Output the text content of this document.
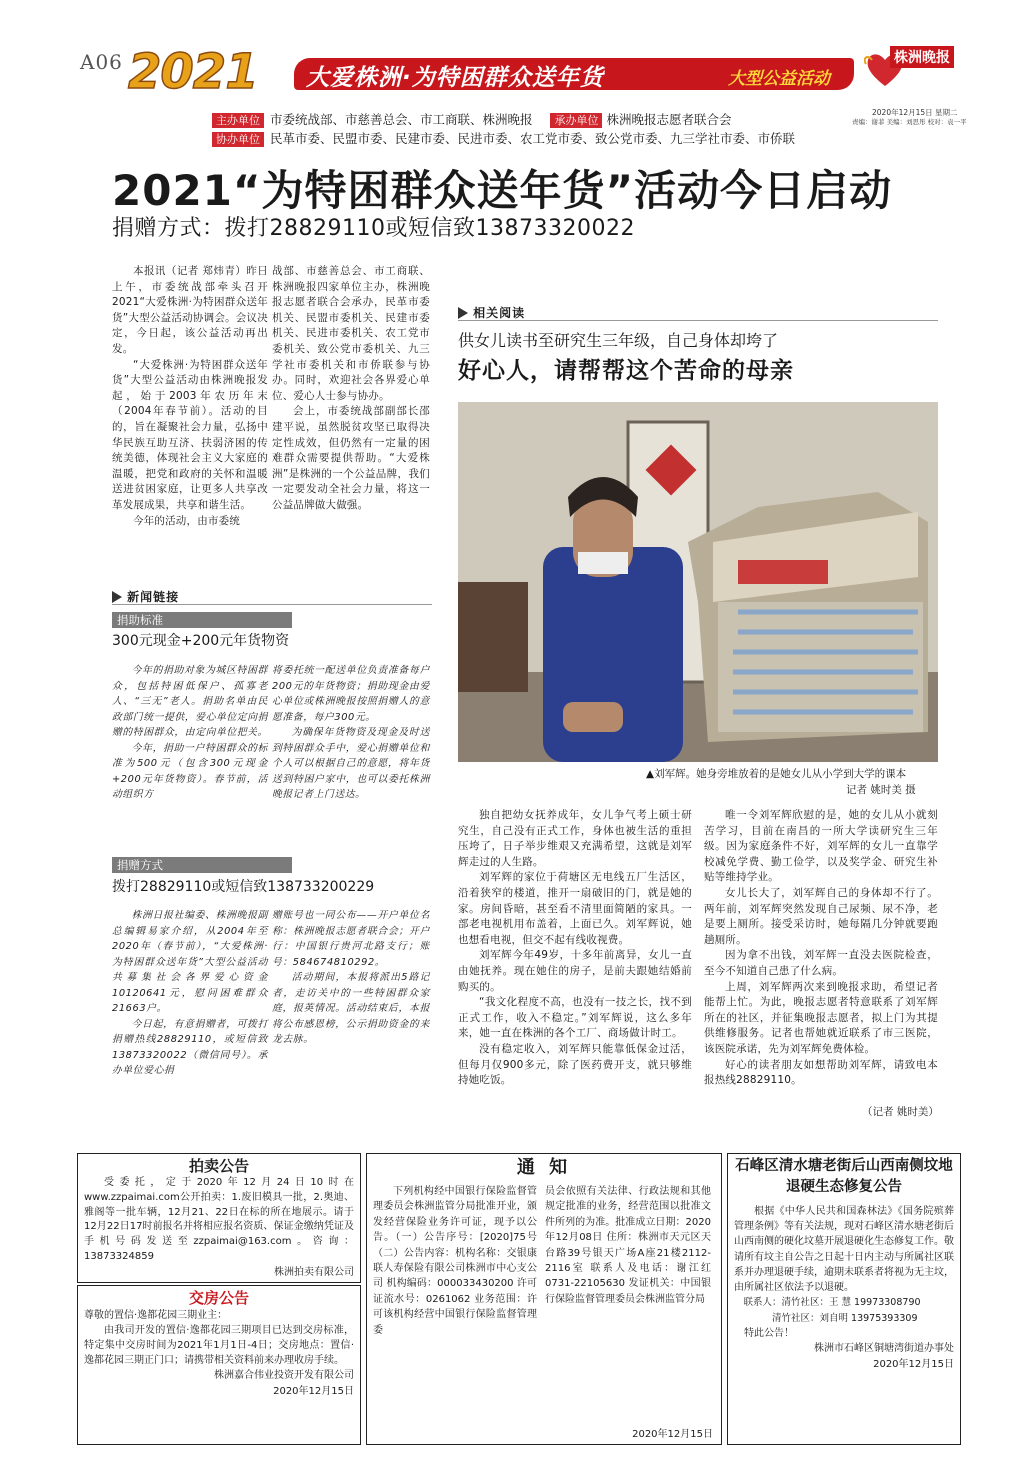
A06 2021 大爱株洲·为特困群众送年货	大型公益活动
株洲晚报
2020年12月15日 星期二
责编：谢菲 美编：刘思彤 校对：袁一平
主办单位 市委统战部、市慈善总会、市工商联、株洲晚报 承办单位 株洲晚报志愿者联合会
协办单位 民革市委、民盟市委、民建市委、民进市委、农工党市委、致公党市委、九三学社市委、市侨联
2021“为特困群众送年货”活动今日启动
捐赠方式：拨打28829110或短信致13873320022

本报讯（记者 郑炜青）昨日上午，市委统战部牵头召开2021“大爱株洲·为特困群众送年货”大型公益活动协调会。会议决定，今日起，该公益活动再出发。

“大爱株洲·为特困群众送年货”大型公益活动由株洲晚报发起，始于2003年农历年末（2004年春节前）。活动的目的，旨在凝聚社会力量，弘扬中华民族互助互济、扶弱济困的传统美德，体现社会主义大家庭的温暖，把党和政府的关怀和温暖送进贫困家庭，让更多人共享改革发展成果，共享和谐生活。

今年的活动，由市委统

战部、市慈善总会、市工商联、株洲晚报四家单位主办，株洲晚报志愿者联合会承办，民革市委机关、民盟市委机关、民建市委机关、民进市委机关、农工党市委机关、致公党市委机关、九三学社市委机关和市侨联参与协办。同时，欢迎社会各界爱心单位、爱心人士参与协办。

会上，市委统战部副部长邵建平说，虽然脱贫攻坚已取得决定性成效，但仍然有一定量的困难群众需要提供帮助。“大爱株洲”是株洲的一个公益品牌，我们一定要发动全社会力量，将这一公益品牌做大做强。

新闻链接
捐助标准
300元现金+200元年货物资

今年的捐助对象为城区特困群众，包括特困低保户、孤寡老人、“三无”老人。捐助名单由民政部门统一提供，爱心单位定向捐赠的特困群众，由定向单位把关。

今年，捐助一户特困群众的标准为500元（包含300元现金+200元年货物资）。春节前，活动组织方

将委托统一配送单位负责准备每户200元的年货物资；捐助现金由爱心单位或株洲晚报按照捐赠人的意愿准备，每户300元。

为确保年货物资及现金及时送到特困群众手中，爱心捐赠单位和个人可以根据自己的意愿，将年货送到特困户家中，也可以委托株洲晚报记者上门送达。

捐赠方式
拨打28829110或短信致138733200229

株洲日报社编委、株洲晚报副总编辑易家介绍，从2004年至2020年（春节前），“大爱株洲·为特困群众送年货”大型公益活动共募集社会各界爱心资金10120641元，慰问困难群众21663户。

今日起，有意捐赠者，可拨打捐赠热线28829110，或短信致13873320022（微信同号）。承办单位爱心捐

赠账号也一同公布——开户单位名称：株洲晚报志愿者联合会；开户行：中国银行贵河北路支行；账号：584674810292。

活动期间，本报将派出5路记者，走访关中的一些特困群众家庭，报英情况。活动结束后，本报将公布感恩榜，公示捐助资金的来龙去脉。

相关阅读
供女儿读书至研究生三年级，自己身体却垮了
好心人，请帮帮这个苦命的母亲
▲刘军辉。她身旁堆放着的是她女儿从小学到大学的课本
记者 姚时美 摄

独自把幼女抚养成年，女儿争气考上硕士研究生，自己没有正式工作，身体也被生活的重担压垮了，日子举步维艰又充满希望，这就是刘军辉走过的人生路。

刘军辉的家位于荷塘区无电线五厂生活区，沿着狭窄的楼道，推开一扇破旧的门，就是她的家。房间昏暗，甚至看不清里面简陋的家具。一部老电视机用布盖着，上面已久。刘军辉说，她也想看电视，但交不起有线收视费。

刘军辉今年49岁，十多年前离异，女儿一直由她抚养。现在她住的房子，是前夫跟她结婚前购买的。

“我文化程度不高，也没有一技之长，找不到正式工作，收入不稳定。”刘军辉说，这么多年来，她一直在株洲的各个工厂、商场做计时工。

没有稳定收入，刘军辉只能靠低保金过活，但每月仅900多元，除了医药费开支，就只够维持她吃饭。

唯一令刘军辉欣慰的是，她的女儿从小就刻苦学习，目前在南昌的一所大学读研究生三年级。因为家庭条件不好，刘军辉的女儿一直靠学校减免学费、勤工俭学，以及奖学金、研究生补贴等维持学业。

女儿长大了，刘军辉自己的身体却不行了。两年前，刘军辉突然发现自己尿频、尿不净，老是要上厕所。接受采访时，她每隔几分钟就要跑趟厕所。

因为拿不出钱，刘军辉一直没去医院检查，至今不知道自己患了什么病。

上周，刘军辉两次来到晚报求助，希望记者能帮上忙。为此，晚报志愿者特意联系了刘军辉所在的社区，并征集晚报志愿者，拟上门为其提供维修服务。记者也帮她就近联系了市三医院，该医院承诺，先为刘军辉免费体检。

好心的读者朋友如想帮助刘军辉，请致电本报热线28829110。

（记者 姚时美）
拍卖公告
受委托，定于2020年12月24日10时在www.zzpaimai.com公开拍卖：1.废旧模具一批，2.奥迪、雅阁等一批车辆，12月21、22日在标的所在地展示。请于12月22日17时前报名并将相应报名资质、保证金缴纳凭证及手机号码发送至zzpaimai@163.com。咨询：13873324859
株洲拍卖有限公司
交房公告
尊敬的置信·逸都花园三期业主：
由我司开发的置信·逸都花园三期项目已达到交房标准，特定集中交房时间为2021年1月1日-4日；交房地点：置信·逸都花园三期正门口；请携带相关资料前来办理收房手续。
株洲嘉合伟业投资开发有限公司
2020年12月15日
通 知
下列机构经中国银行保险监督管理委员会株洲监管分局批准开业，颁发经营保险业务许可证，现予以公告。（一）公告序号：[2020]75号（二）公告内容：机构名称：交银康联人寿保险有限公司株洲市中心支公司 机构编码：000033430200 许可证流水号：0261062 业务范围：许可该机构经营中国银行保险监督管理委
员会依照有关法律、行政法规和其他规定批准的业务，经营范围以批准文件所列的为准。批准成立日期：2020年12月08日 住所：株洲市天元区天台路39号银天广场A座21楼2112-2116室 联系人及电话：谢江红0731-22105630 发证机关：中国银行保险监督管理委员会株洲监管分局
2020年12月15日
石峰区清水塘老街后山西南侧坟地退硬生态修复公告
根据《中华人民共和国森林法》《国务院殡葬管理条例》等有关法规，现对石峰区清水塘老街后山西南侧的硬化坟墓开展退硬化生态修复工作。敬请所有坟主自公告之日起十日内主动与所属社区联系并办理退硬手续，逾期未联系者将视为无主坟，由所属社区依法予以退硬。
联系人：清竹社区：王 慧 19973308790
清竹社区：刘自明 13975393309
特此公告！
株洲市石峰区铜塘湾街道办事处
2020年12月15日
